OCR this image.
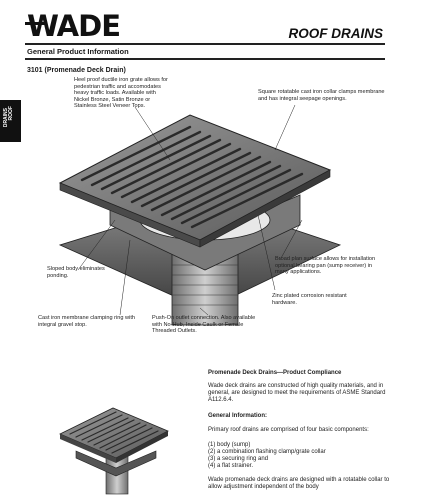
WADE	ROOF DRAINS
General Product Information
ROOF
DRAINS
3101 (Promenade Deck Drain)
Heel proof ductile iron grate allows for pedestrian traffic and accomodates heavy traffic loads. Available with Nickel Bronze, Satin Bronze or Stainless Steel Veneer Tops.
Square rotatable cast iron collar clamps membrane and has integral seepage openings.
Sloped body eliminates ponding.
Broad plan surface allows for installation optional bearing pan (sump receiver) in many applications.
Zinc plated corrosion resistant hardware.
Cast iron membrane clamping ring with integral gravel stop.
Push-On outlet connection. Also available with No-Hub, Inside Caulk or Female Threaded Outlets.
Promenade Deck Drains—Product Compliance
Wade deck drains are constructed of high quality materials, and in general, are designed to meet the requirements of ASME Standard A112.6.4.
General Information:
Primary roof drains are comprised of four basic components:
(1) body (sump)
(2) a combination flashing clamp/grate collar
(3) a securing ring and
(4) a flat strainer.
Wade promenade deck drains are designed with a rotatable collar to allow adjustment independent of the body
